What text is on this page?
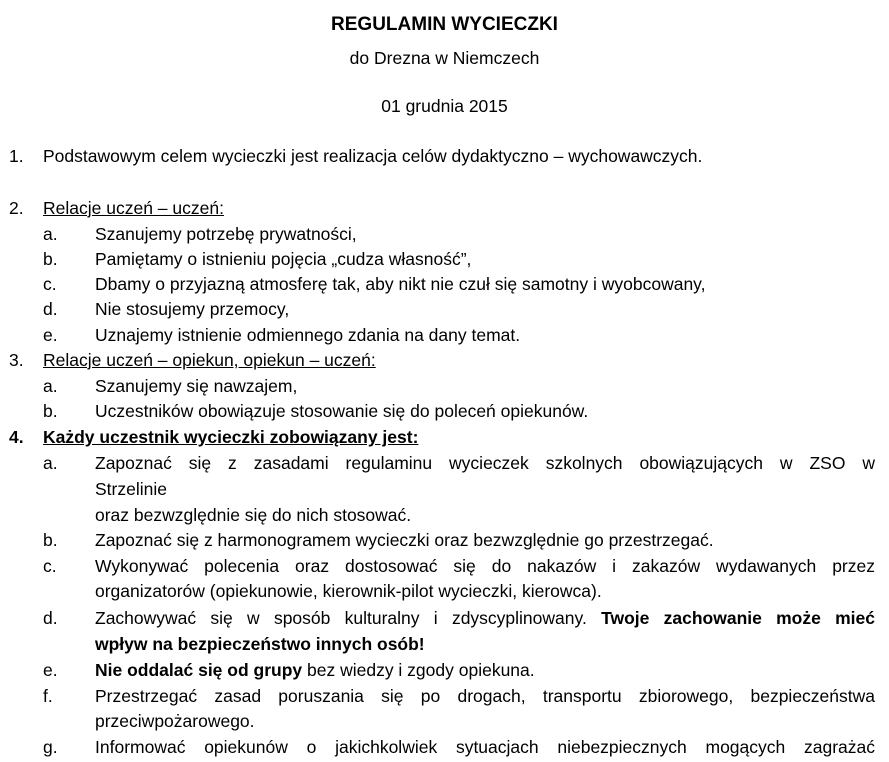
REGULAMIN WYCIECZKI
do Drezna w Niemczech
01 grudnia 2015
1. Podstawowym celem wycieczki jest realizacja celów dydaktyczno – wychowawczych.
2. Relacje uczeń – uczeń:
a. Szanujemy potrzebę prywatności,
b. Pamiętamy o istnieniu pojęcia „cudza własność”,
c. Dbamy o przyjazną atmosferę tak, aby nikt nie czuł się samotny i wyobcowany,
d. Nie stosujemy przemocy,
e. Uznajemy istnienie odmiennego zdania na dany temat.
3. Relacje uczeń – opiekun, opiekun – uczeń:
a. Szanujemy się nawzajem,
b. Uczestników obowiązuje stosowanie się do poleceń opiekunów.
4. Każdy uczestnik wycieczki zobowiązany jest:
a. Zapoznać się z zasadami regulaminu wycieczek szkolnych obowiązujących w ZSO w
Strzelinie
oraz bezwzględnie się do nich stosować.
b. Zapoznać się z harmonogramem wycieczki oraz bezwzględnie go przestrzegać.
c. Wykonywać polecenia oraz dostosować się do nakazów i zakazów wydawanych przez
organizatorów (opiekunowie, kierownik-pilot wycieczki, kierowca).
d. Zachowywać się w sposób kulturalny i zdyscyplinowany. Twoje zachowanie może mieć
wpływ na bezpieczeństwo innych osób!
e. Nie oddalać się od grupy bez wiedzy i zgody opiekuna.
f. Przestrzegać zasad poruszania się po drogach, transportu zbiorowego, bezpieczeństwa
przeciwpożarowego.
g. Informować opiekunów o jakichkolwiek sytuacjach niebezpiecznych mogących zagrażać
